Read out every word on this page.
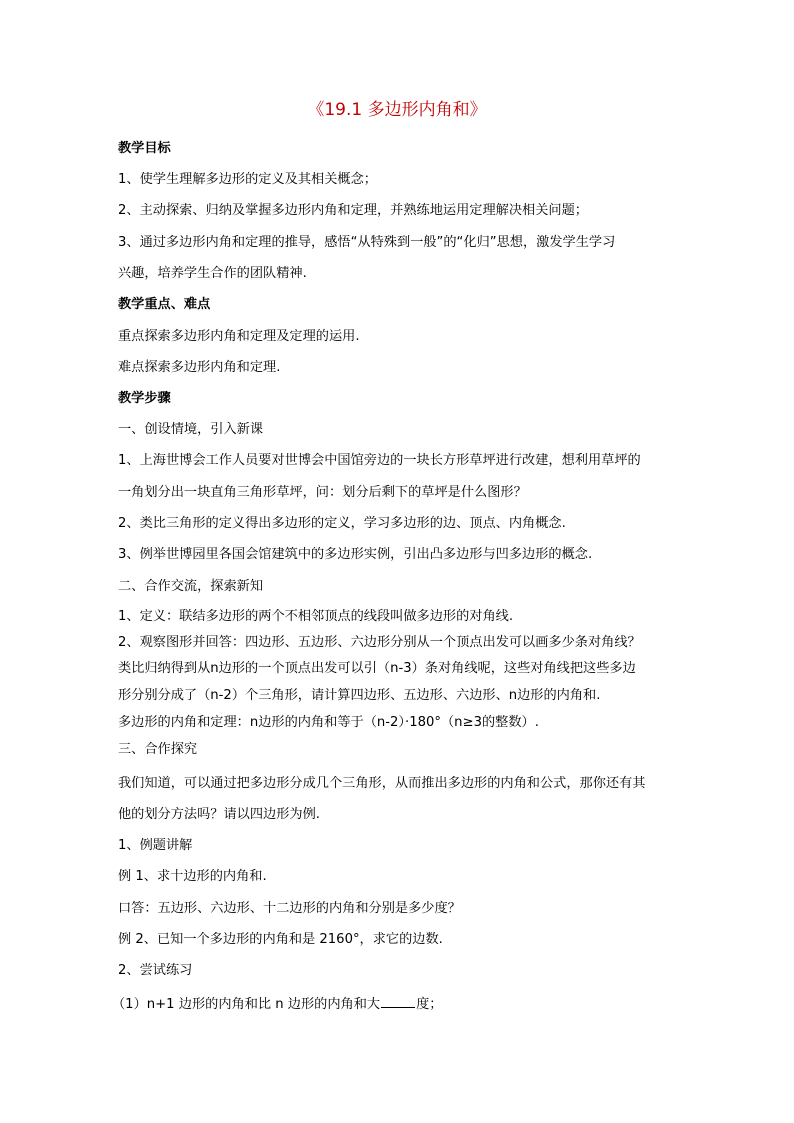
《19.1 多边形内角和》
教学目标
1、使学生理解多边形的定义及其相关概念；
2、主动探索、归纳及掌握多边形内角和定理，并熟练地运用定理解决相关问题；
3、通过多边形内角和定理的推导，感悟“从特殊到一般”的“化归”思想，激发学生学习
兴趣，培养学生合作的团队精神.
教学重点、难点
重点探索多边形内角和定理及定理的运用.
难点探索多边形内角和定理.
教学步骤
一、创设情境，引入新课
1、上海世博会工作人员要对世博会中国馆旁边的一块长方形草坪进行改建，想利用草坪的
一角划分出一块直角三角形草坪，问：划分后剩下的草坪是什么图形？
2、类比三角形的定义得出多边形的定义，学习多边形的边、顶点、内角概念.
3、例举世博园里各国会馆建筑中的多边形实例，引出凸多边形与凹多边形的概念.
二、合作交流，探索新知
1、定义：联结多边形的两个不相邻顶点的线段叫做多边形的对角线.
2、观察图形并回答：四边形、五边形、六边形分别从一个顶点出发可以画多少条对角线？
类比归纳得到从n边形的一个顶点出发可以引（n-3）条对角线呢，这些对角线把这些多边
形分别分成了（n-2）个三角形，请计算四边形、五边形、六边形、n边形的内角和.
多边形的内角和定理：n边形的内角和等于（n-2）·180°（n≥3的整数）.
三、合作探究
我们知道，可以通过把多边形分成几个三角形，从而推出多边形的内角和公式，那你还有其
他的划分方法吗？请以四边形为例.
1、例题讲解
例 1、求十边形的内角和.
口答：五边形、六边形、十二边形的内角和分别是多少度？
例 2、已知一个多边形的内角和是 2160°，求它的边数.
2、尝试练习
（1）n+1 边形的内角和比 n 边形的内角和大	度；
